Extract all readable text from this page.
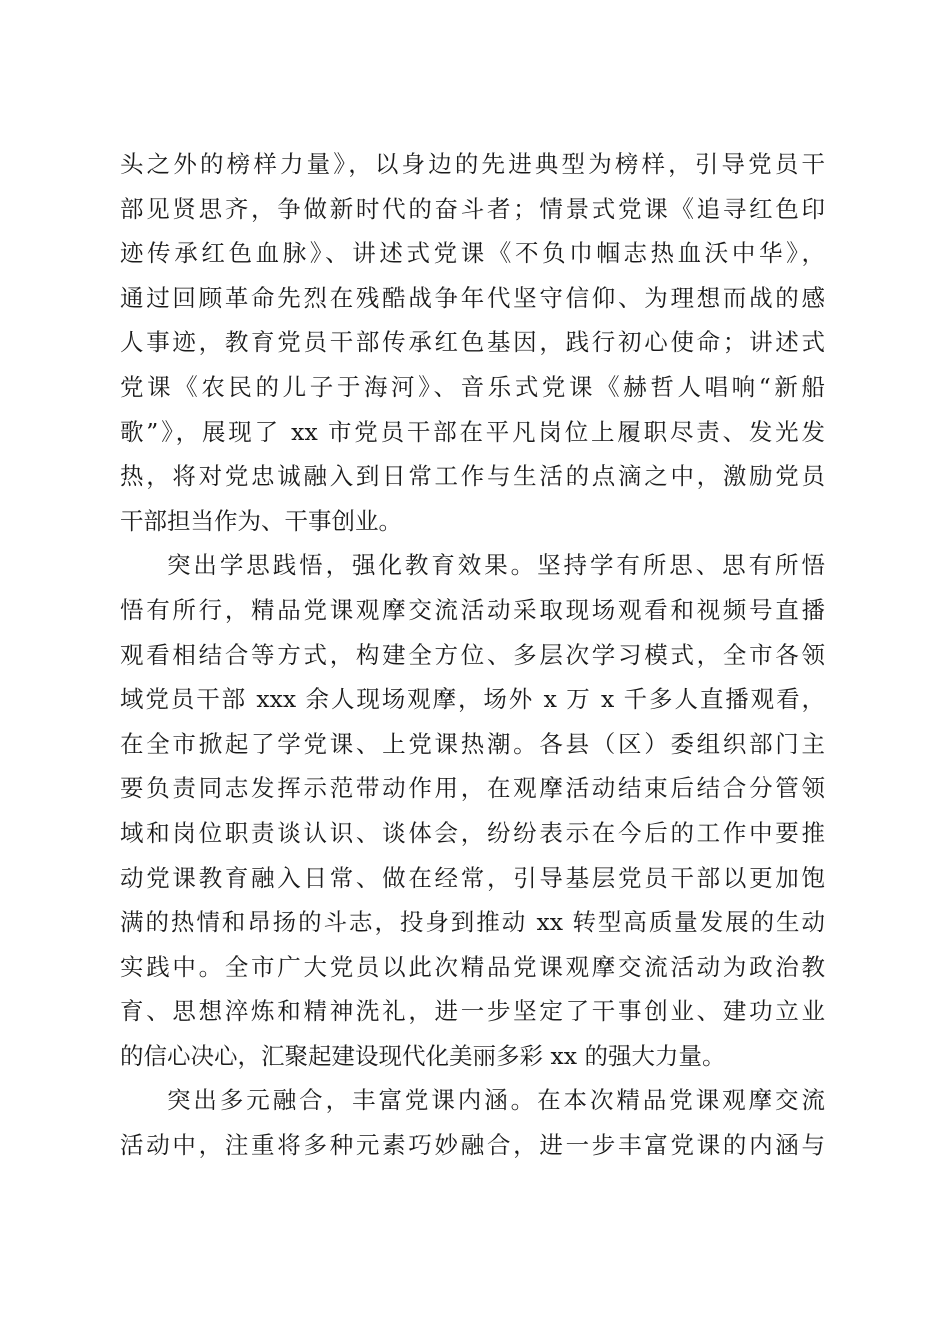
头之外的榜样力量》，以身边的先进典型为榜样，引导党员干
部见贤思齐，争做新时代的奋斗者；情景式党课《追寻红色印
迹传承红色血脉》、讲述式党课《不负巾帼志热血沃中华》，
通过回顾革命先烈在残酷战争年代坚守信仰、为理想而战的感
人事迹，教育党员干部传承红色基因，践行初心使命；讲述式
党课《农民的儿子于海河》、音乐式党课《赫哲人唱响“新船
歌”》，展现了 xx 市党员干部在平凡岗位上履职尽责、发光发
热，将对党忠诚融入到日常工作与生活的点滴之中，激励党员
干部担当作为、干事创业。
突出学思践悟，强化教育效果。坚持学有所思、思有所悟
悟有所行，精品党课观摩交流活动采取现场观看和视频号直播
观看相结合等方式，构建全方位、多层次学习模式，全市各领
域党员干部 xxx 余人现场观摩，场外 x 万 x 千多人直播观看，
在全市掀起了学党课、上党课热潮。各县（区）委组织部门主
要负责同志发挥示范带动作用，在观摩活动结束后结合分管领
域和岗位职责谈认识、谈体会，纷纷表示在今后的工作中要推
动党课教育融入日常、做在经常，引导基层党员干部以更加饱
满的热情和昂扬的斗志，投身到推动 xx 转型高质量发展的生动
实践中。全市广大党员以此次精品党课观摩交流活动为政治教
育、思想淬炼和精神洗礼，进一步坚定了干事创业、建功立业
的信心决心，汇聚起建设现代化美丽多彩 xx 的强大力量。
突出多元融合，丰富党课内涵。在本次精品党课观摩交流
活动中，注重将多种元素巧妙融合，进一步丰富党课的内涵与
